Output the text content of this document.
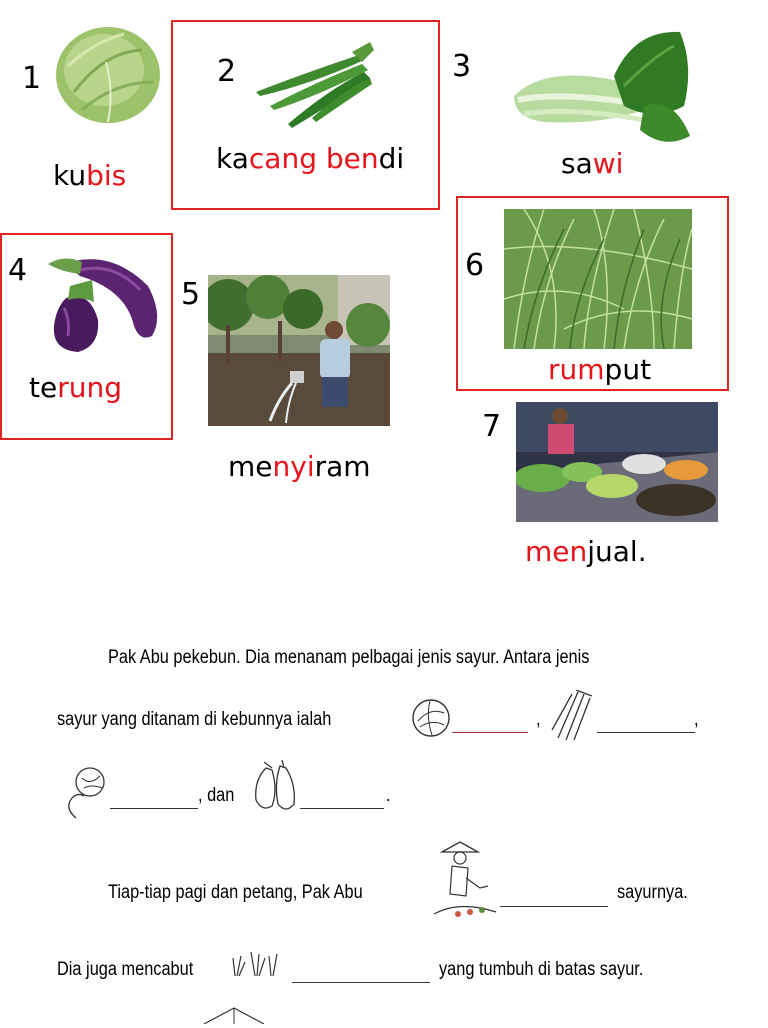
1
kubis
2
kacang bendi
3
sawi
4
terung
5
menyiram
6
rumput
7
menjual.
Pak Abu pekebun. Dia menanam pelbagai jenis sayur. Antara jenis
sayur yang ditanam di kebunnya ialah	,	,
, dan	.
Tiap-tiap pagi dan petang, Pak Abu	sayurnya.
Dia juga mencabut	yang tumbuh di batas sayur.
